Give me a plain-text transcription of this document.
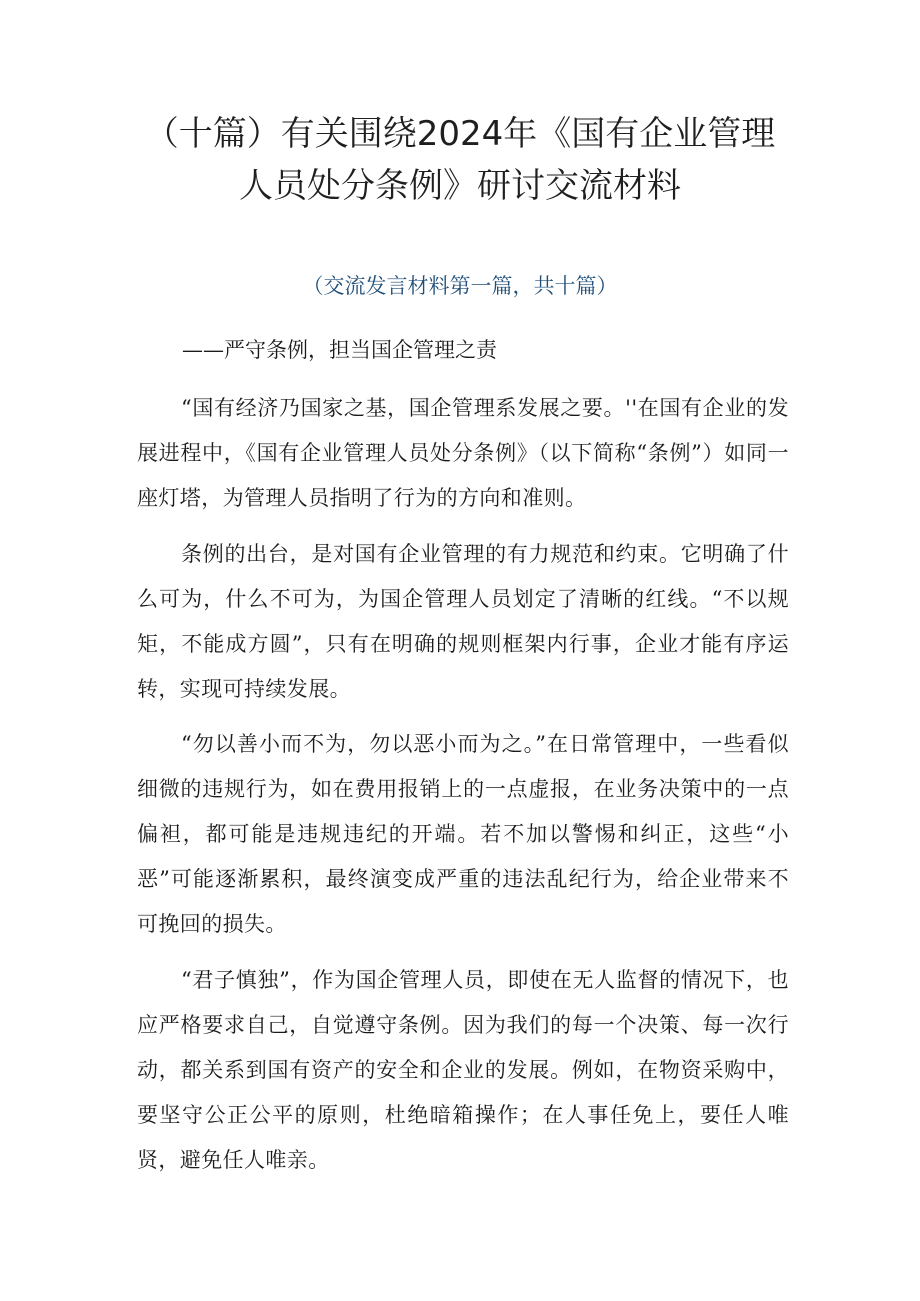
（十篇）有关围绕2024年《国有企业管理
人员处分条例》研讨交流材料

（交流发言材料第一篇，共十篇）

——严守条例，担当国企管理之责

“国有经济乃国家之基，国企管理系发展之要。''在国有企业的发展进程中，《国有企业管理人员处分条例》（以下简称“条例”）如同一座灯塔，为管理人员指明了行为的方向和准则。

条例的出台，是对国有企业管理的有力规范和约束。它明确了什么可为，什么不可为，为国企管理人员划定了清晰的红线。“不以规矩，不能成方圆”，只有在明确的规则框架内行事，企业才能有序运转，实现可持续发展。

“勿以善小而不为，勿以恶小而为之。”在日常管理中，一些看似细微的违规行为，如在费用报销上的一点虚报，在业务决策中的一点偏袒，都可能是违规违纪的开端。若不加以警惕和纠正，这些“小恶”可能逐渐累积，最终演变成严重的违法乱纪行为，给企业带来不可挽回的损失。

“君子慎独”，作为国企管理人员，即使在无人监督的情况下，也应严格要求自己，自觉遵守条例。因为我们的每一个决策、每一次行动，都关系到国有资产的安全和企业的发展。例如，在物资采购中，要坚守公正公平的原则，杜绝暗箱操作；在人事任免上，要任人唯贤，避免任人唯亲。
